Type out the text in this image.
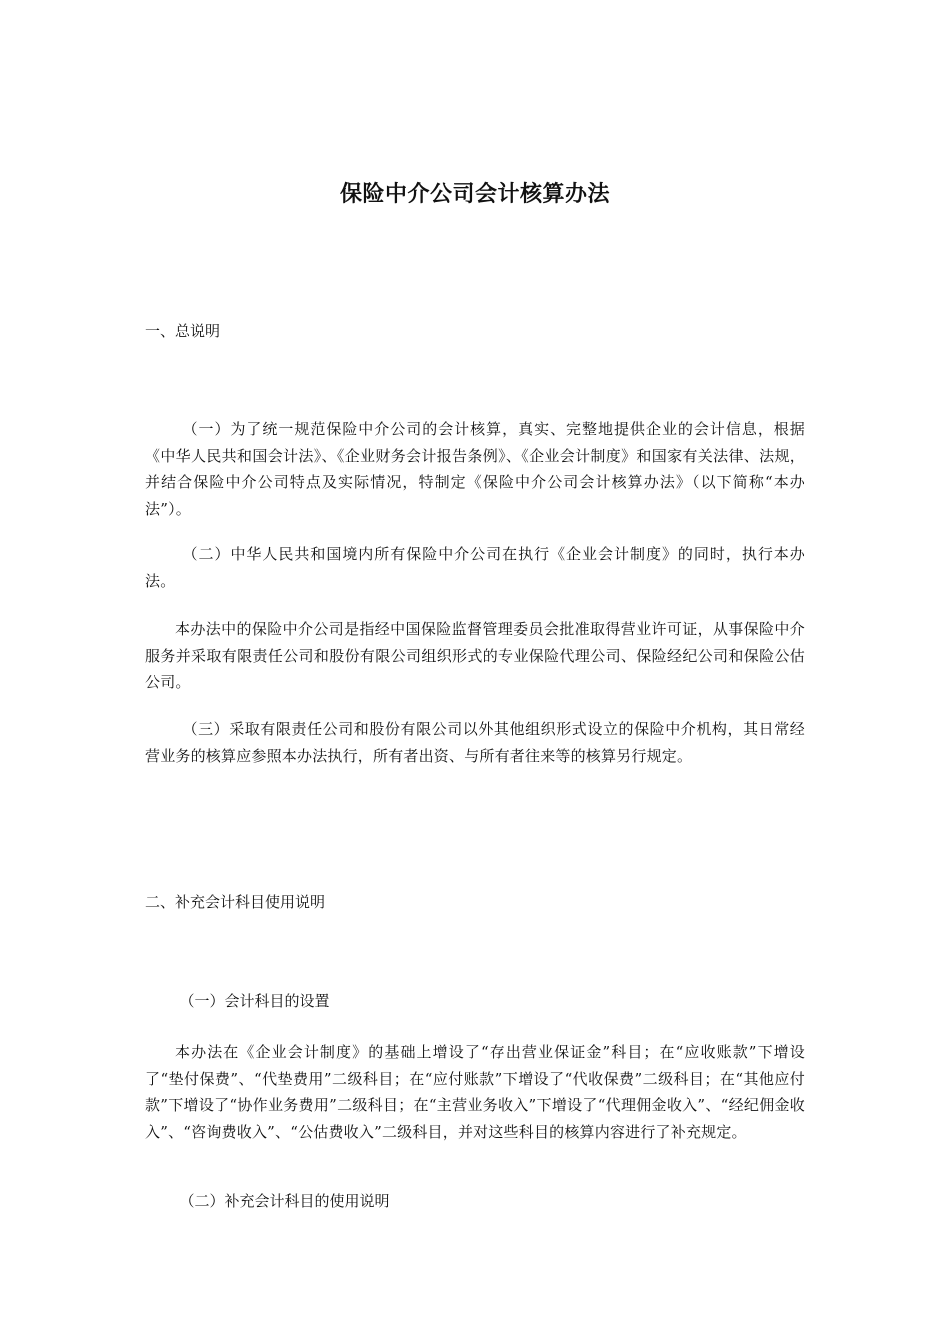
保险中介公司会计核算办法
一、总说明
（一）为了统一规范保险中介公司的会计核算，真实、完整地提供企业的会计信息，根据《中华人民共和国会计法》、《企业财务会计报告条例》、《企业会计制度》和国家有关法律、法规，并结合保险中介公司特点及实际情况，特制定《保险中介公司会计核算办法》（以下简称“本办法”）。
（二）中华人民共和国境内所有保险中介公司在执行《企业会计制度》的同时，执行本办法。
本办法中的保险中介公司是指经中国保险监督管理委员会批准取得营业许可证，从事保险中介服务并采取有限责任公司和股份有限公司组织形式的专业保险代理公司、保险经纪公司和保险公估公司。
（三）采取有限责任公司和股份有限公司以外其他组织形式设立的保险中介机构，其日常经营业务的核算应参照本办法执行，所有者出资、与所有者往来等的核算另行规定。
二、补充会计科目使用说明
（一）会计科目的设置
本办法在《企业会计制度》的基础上增设了“存出营业保证金”科目；在“应收账款”下增设了“垫付保费”、“代垫费用”二级科目；在“应付账款”下增设了“代收保费”二级科目；在“其他应付款”下增设了“协作业务费用”二级科目；在“主营业务收入”下增设了“代理佣金收入”、“经纪佣金收入”、“咨询费收入”、“公估费收入”二级科目，并对这些科目的核算内容进行了补充规定。
（二）补充会计科目的使用说明
